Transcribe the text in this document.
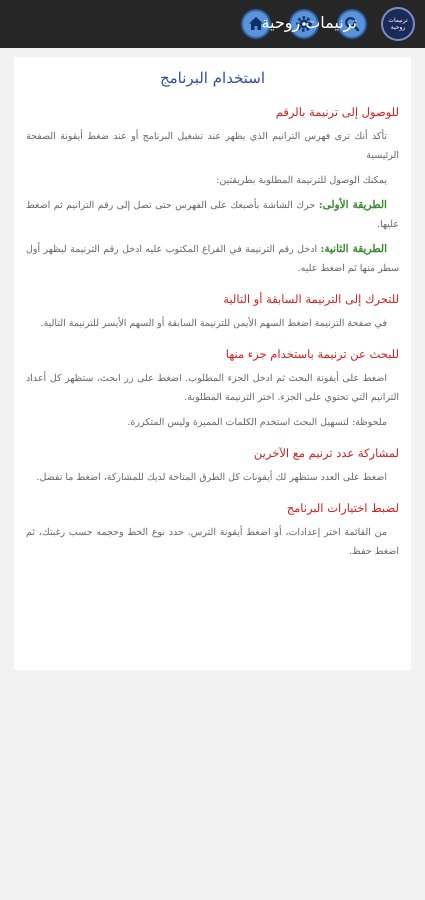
ترنيمات روحية	ترنيمات
روحية
استخدام البرنامج
للوصول إلى ترنيمة بالرقم
تأكد أنك ترى فهرس الترانيم الذي يظهر عند تشغيل البرنامج أو عند ضغط أيقونة الصفحة الرئيسية
يمكنك الوصول للترنيمة المطلوبة بطريقتين:
الطريقة الأولى: حرك الشاشة بأصبعك على الفهرس حتى تصل إلى رقم الترانيم ثم اضغط عليها.
الطريقة الثانية: ادخل رقم الترنيمة في الفراغ المكتوب عليه ادخل رقم الترنيمة ليظهر أول سطر منها ثم اضغط عليه.
للتحرك إلى الترنيمة السابقة أو التالية
في صفحة الترنيمة اضغط السهم الأيمن للترنيمة السابقة أو السهم الأيسر للترنيمة التالية.
للبحث عن ترنيمة باستخدام جزء منها
اضغط على أيقونة البحث ثم ادخل الجزء المطلوب. اضغط على زر ابحث، ستظهر كل أعداد الترانيم التي تحتوي على الجزء. اختر الترنيمة المطلوبة.
ملحوظة: لتسهيل البحث استخدم الكلمات المميزة وليس المتكررة.
لمشاركة عدد ترنيم مع الآخرين
اضغط على العدد ستظهر لك أيقونات كل الطرق المتاحة لديك للمشاركة، اضغط ما تفضل.
لضبط اختيارات البرنامج
من القائمة اختر إعدادات، أو اضغط أيقونة الترس. حدد نوع الخط وحجمه حسب رغبتك، ثم اضغط حفظ.
